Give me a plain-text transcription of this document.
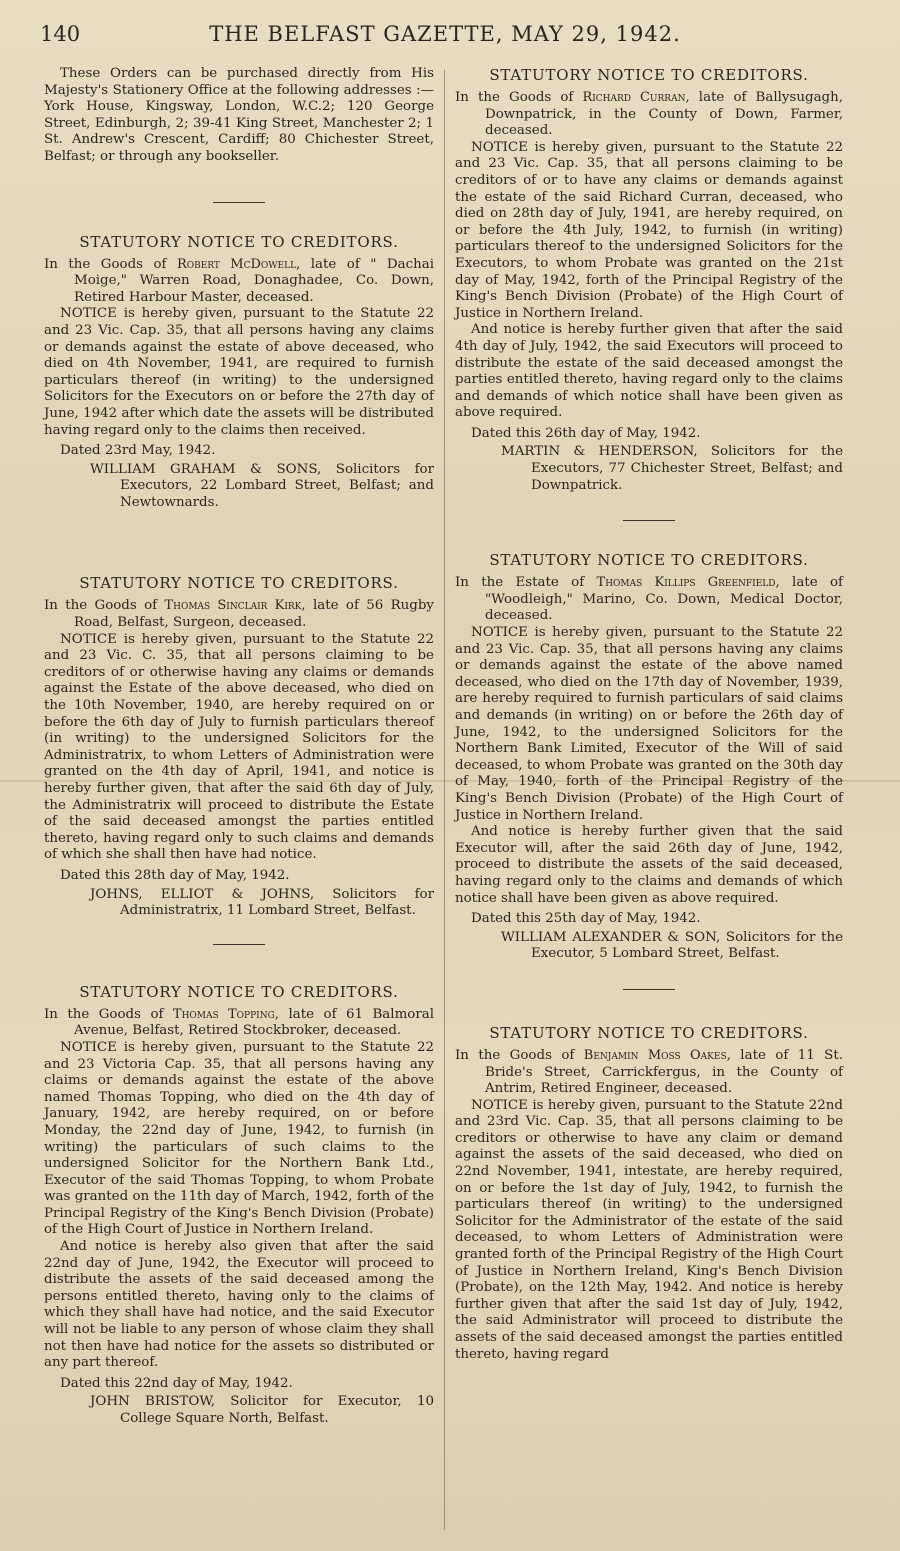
140	THE BELFAST GAZETTE, MAY 29, 1942.

These Orders can be purchased directly from His Majesty's Stationery Office at the following addresses :—York House, Kingsway, London, W.C.2; 120 George Street, Edinburgh, 2; 39-41 King Street, Manchester 2; 1 St. Andrew's Crescent, Cardiff; 80 Chichester Street, Belfast; or through any bookseller.

STATUTORY NOTICE TO CREDITORS.

In the Goods of Robert McDowell, late of " Dachai Moige," Warren Road, Donaghadee, Co. Down, Retired Harbour Master, deceased.

NOTICE is hereby given, pursuant to the Statute 22 and 23 Vic. Cap. 35, that all persons having any claims or demands against the estate of above deceased, who died on 4th November, 1941, are required to furnish particulars thereof (in writing) to the undersigned Solicitors for the Executors on or before the 27th day of June, 1942 after which date the assets will be distributed having regard only to the claims then received.

Dated 23rd May, 1942.

WILLIAM GRAHAM & SONS, Solicitors for Executors, 22 Lombard Street, Belfast; and Newtownards.

STATUTORY NOTICE TO CREDITORS.

In the Goods of Thomas Sinclair Kirk, late of 56 Rugby Road, Belfast, Surgeon, deceased.

NOTICE is hereby given, pursuant to the Statute 22 and 23 Vic. C. 35, that all persons claiming to be creditors of or otherwise having any claims or demands against the Estate of the above deceased, who died on the 10th November, 1940, are hereby required on or before the 6th day of July to furnish particulars thereof (in writing) to the undersigned Solicitors for the Administratrix, to whom Letters of Administration were granted on the 4th day of April, 1941, and notice is hereby further given, that after the said 6th day of July, the Administratrix will proceed to distribute the Estate of the said deceased amongst the parties entitled thereto, having regard only to such claims and demands of which she shall then have had notice.

Dated this 28th day of May, 1942.

JOHNS, ELLIOT & JOHNS, Solicitors for Administratrix, 11 Lombard Street, Belfast.

STATUTORY NOTICE TO CREDITORS.

In the Goods of Thomas Topping, late of 61 Balmoral Avenue, Belfast, Retired Stockbroker, deceased.

NOTICE is hereby given, pursuant to the Statute 22 and 23 Victoria Cap. 35, that all persons having any claims or demands against the estate of the above named Thomas Topping, who died on the 4th day of January, 1942, are hereby required, on or before Monday, the 22nd day of June, 1942, to furnish (in writing) the particulars of such claims to the undersigned Solicitor for the Northern Bank Ltd., Executor of the said Thomas Topping, to whom Probate was granted on the 11th day of March, 1942, forth of the Principal Registry of the King's Bench Division (Probate) of the High Court of Justice in Northern Ireland.

And notice is hereby also given that after the said 22nd day of June, 1942, the Executor will proceed to distribute the assets of the said deceased among the persons entitled thereto, having only to the claims of which they shall have had notice, and the said Executor will not be liable to any person of whose claim they shall not then have had notice for the assets so distributed or any part thereof.

Dated this 22nd day of May, 1942.

JOHN BRISTOW, Solicitor for Executor, 10 College Square North, Belfast.

STATUTORY NOTICE TO CREDITORS.

In the Goods of Richard Curran, late of Ballysugagh, Downpatrick, in the County of Down, Farmer, deceased.

NOTICE is hereby given, pursuant to the Statute 22 and 23 Vic. Cap. 35, that all persons claiming to be creditors of or to have any claims or demands against the estate of the said Richard Curran, deceased, who died on 28th day of July, 1941, are hereby required, on or before the 4th July, 1942, to furnish (in writing) particulars thereof to the undersigned Solicitors for the Executors, to whom Probate was granted on the 21st day of May, 1942, forth of the Principal Registry of the King's Bench Division (Probate) of the High Court of Justice in Northern Ireland.

And notice is hereby further given that after the said 4th day of July, 1942, the said Executors will proceed to distribute the estate of the said deceased amongst the parties entitled thereto, having regard only to the claims and demands of which notice shall have been given as above required.

Dated this 26th day of May, 1942.

MARTIN & HENDERSON, Solicitors for the Executors, 77 Chichester Street, Belfast; and Downpatrick.

STATUTORY NOTICE TO CREDITORS.

In the Estate of Thomas Killips Greenfield, late of "Woodleigh," Marino, Co. Down, Medical Doctor, deceased.

NOTICE is hereby given, pursuant to the Statute 22 and 23 Vic. Cap. 35, that all persons having any claims or demands against the estate of the above named deceased, who died on the 17th day of November, 1939, are hereby required to furnish particulars of said claims and demands (in writing) on or before the 26th day of June, 1942, to the undersigned Solicitors for the Northern Bank Limited, Executor of the Will of said deceased, to whom Probate was granted on the 30th day of May, 1940, forth of the Principal Registry of the King's Bench Division (Probate) of the High Court of Justice in Northern Ireland.

And notice is hereby further given that the said Executor will, after the said 26th day of June, 1942, proceed to distribute the assets of the said deceased, having regard only to the claims and demands of which notice shall have been given as above required.

Dated this 25th day of May, 1942.

WILLIAM ALEXANDER & SON, Solicitors for the Executor, 5 Lombard Street, Belfast.

STATUTORY NOTICE TO CREDITORS.

In the Goods of Benjamin Moss Oakes, late of 11 St. Bride's Street, Carrickfergus, in the County of Antrim, Retired Engineer, deceased.

NOTICE is hereby given, pursuant to the Statute 22nd and 23rd Vic. Cap. 35, that all persons claiming to be creditors or otherwise to have any claim or demand against the assets of the said deceased, who died on 22nd November, 1941, intestate, are hereby required, on or before the 1st day of July, 1942, to furnish the particulars thereof (in writing) to the undersigned Solicitor for the Administrator of the estate of the said deceased, to whom Letters of Administration were granted forth of the Principal Registry of the High Court of Justice in Northern Ireland, King's Bench Division (Probate), on the 12th May, 1942. And notice is hereby further given that after the said 1st day of July, 1942, the said Administrator will proceed to distribute the assets of the said deceased amongst the parties entitled thereto, having regard
